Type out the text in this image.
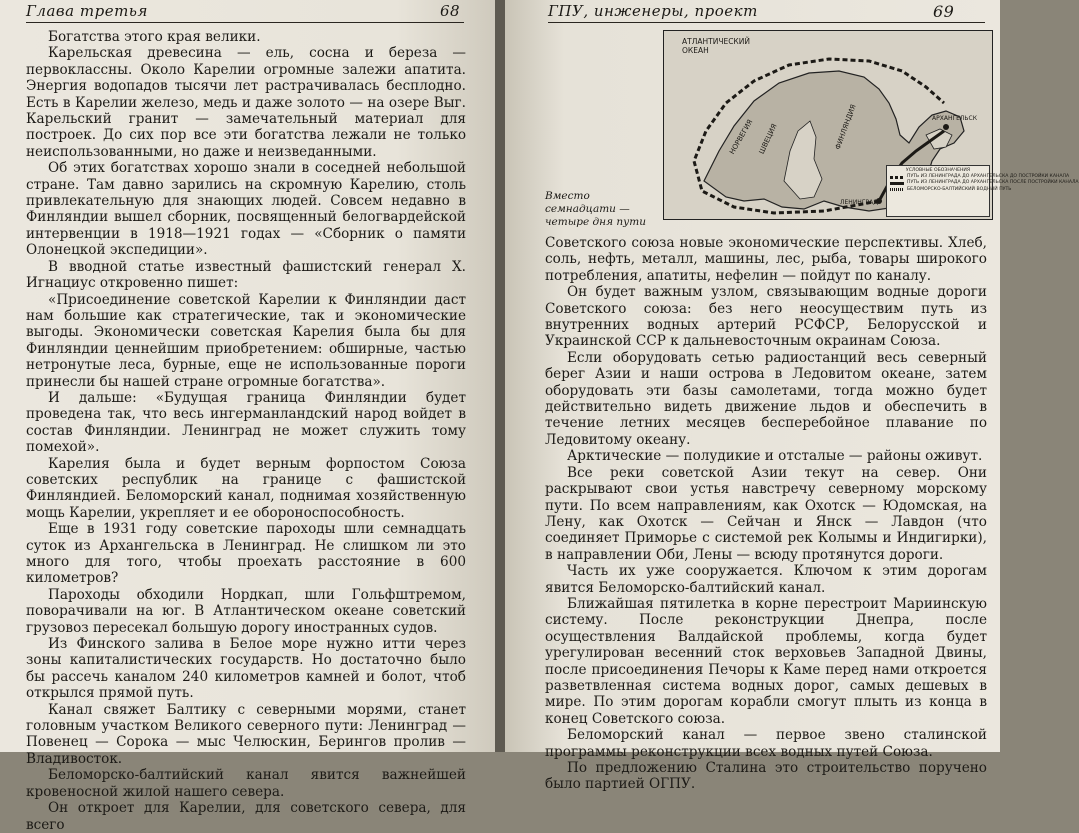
Глава третья	68

Богатства этого края велики.

Карельская древесина — ель, сосна и береза — первоклассны. Около Карелии огромные залежи апатита. Энергия водопадов тысячи лет растрачивалась бесплодно. Есть в Карелии железо, медь и даже золото — на озере Выг. Карельский гранит — замечательный материал для построек. До сих пор все эти богатства лежали не только неиспользованными, но даже и неизведанными.

Об этих богатствах хорошо знали в соседней небольшой стране. Там давно зарились на скромную Карелию, столь привлекательную для знающих людей. Совсем недавно в Финляндии вышел сборник, посвященный белогвардейской интервенции в 1918—1921 годах — «Сборник о памяти Олонецкой экспедиции».

В вводной статье известный фашистский генерал X. Игнациус откровенно пишет:

«Присоединение советской Карелии к Финляндии даст нам большие как стратегические, так и экономические выгоды. Экономически советская Карелия была бы для Финляндии ценнейшим приобретением: обширные, частью нетронутые леса, бурные, еще не использованные пороги принесли бы нашей стране огромные богатства».

И дальше: «Будущая граница Финляндии будет проведена так, что весь ингерманландский народ войдет в состав Финляндии. Ленинград не может служить тому помехой».

Карелия была и будет верным форпостом Союза советских республик на границе с фашистской Финляндией. Беломорский канал, поднимая хозяйственную мощь Карелии, укрепляет и ее обороноспособность.

Еще в 1931 году советские пароходы шли семнадцать суток из Архангельска в Ленинград. Не слишком ли это много для того, чтобы проехать расстояние в 600 километров?

Пароходы обходили Нордкап, шли Гольфштремом, поворачивали на юг. В Атлантическом океане советский грузовоз пересекал большую дорогу иностранных судов.

Из Финского залива в Белое море нужно итти через зоны капиталистических государств. Но достаточно было бы рассечь каналом 240 километров камней и болот, чтоб открылся прямой путь.

Канал свяжет Балтику с северными морями, станет головным участком Великого северного пути: Ленинград — Повенец — Сорока — мыс Челюскин, Берингов пролив — Владивосток.

Беломорско-балтийский канал явится важнейшей кровеносной жилой нашего севера.

Он откроет для Карелии, для советского севера, для всего

ГПУ, инженеры, проект	69
АТЛАНТИЧЕСКИЙ ОКЕАН
НОРВЕГИЯ ШВЕЦИЯ	ФИНЛЯНДИЯ
ЛЕНИНГРАД
АРХАНГЕЛЬСК
УСЛОВНЫЕ ОБОЗНАЧЕНИЯ
ПУТЬ ИЗ ЛЕНИНГРАДА ДО АРХАНГЕЛЬСКА ДО ПОСТРОЙКИ КАНАЛА
ПУТЬ ИЗ ЛЕНИНГРАДА ДО АРХАНГЕЛЬСКА ПОСЛЕ ПОСТРОЙКИ КАНАЛА
БЕЛОМОРСКО-БАЛТИЙСКИЙ ВОДНЫЙ ПУТЬ
Вместо семнадцати — четыре дня пути

Советского союза новые экономические перспективы. Хлеб, соль, нефть, металл, машины, лес, рыба, товары широкого потребления, апатиты, нефелин — пойдут по каналу.

Он будет важным узлом, связывающим водные дороги Советского союза: без него неосуществим путь из внутренних водных артерий РСФСР, Белорусской и Украинской ССР к дальневосточным окраинам Союза.

Если оборудовать сетью радиостанций весь северный берег Азии и наши острова в Ледовитом океане, затем оборудовать эти базы самолетами, тогда можно будет действительно видеть движение льдов и обеспечить в течение летних месяцев бесперебойное плавание по Ледовитому океану.

Арктические — полудикие и отсталые — районы оживут.

Все реки советской Азии текут на север. Они раскрывают свои устья навстречу северному морскому пути. По всем направлениям, как Охотск — Юдомская, на Лену, как Охотск — Сейчан и Янск — Лавдон (что соединяет Приморье с системой рек Колымы и Индигирки), в направлении Оби, Лены — всюду протянутся дороги.

Часть их уже сооружается. Ключом к этим дорогам явится Беломорско-балтийский канал.

Ближайшая пятилетка в корне перестроит Мариинскую систему. После реконструкции Днепра, после осуществления Валдайской проблемы, когда будет урегулирован весенний сток верховьев Западной Двины, после присоединения Печоры к Каме перед нами откроется разветвленная система водных дорог, самых дешевых в мире. По этим дорогам корабли смогут плыть из конца в конец Советского союза.

Беломорский канал — первое звено сталинской программы реконструкции всех водных путей Союза.

По предложению Сталина это строительство поручено было партией ОГПУ.
